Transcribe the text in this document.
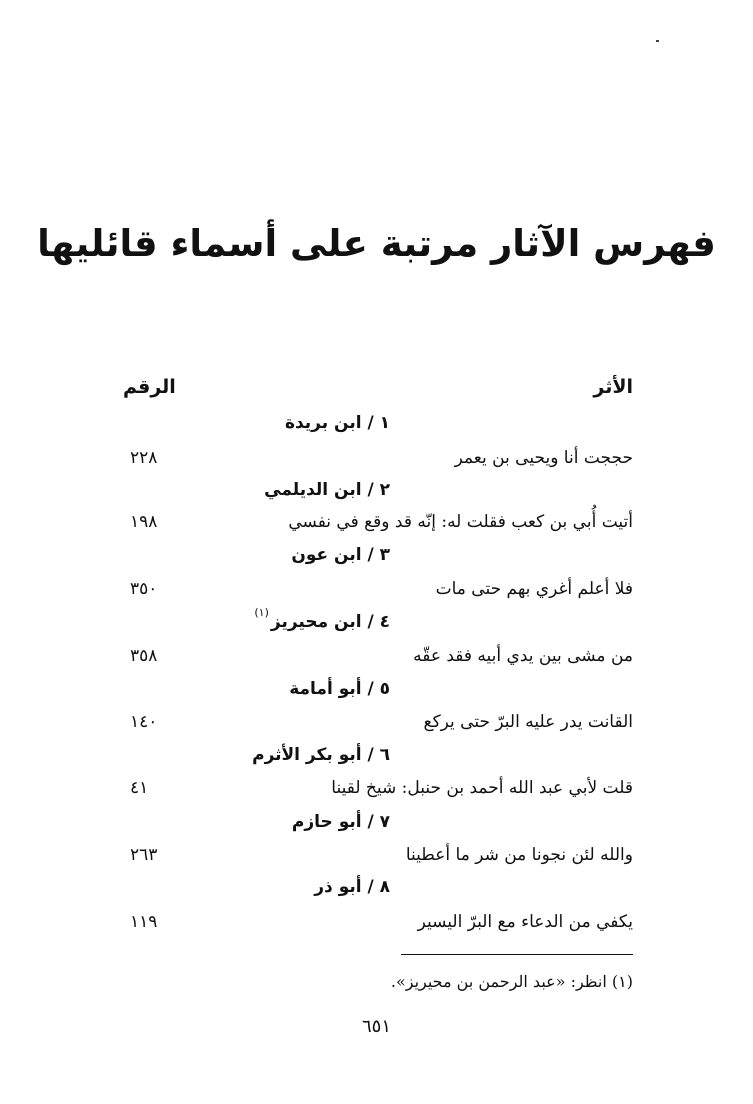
فهرس الآثار مرتبة على أسماء قائليها
الأثر
الرقم
١ / ابن بريدة
حججت أنا ويحيى بن يعمر
٢٢٨
٢ / ابن الديلمي
أتيت أُبي بن كعب فقلت له: إنّه قد وقع في نفسي
١٩٨
٣ / ابن عون
فلا أعلم أغري بهم حتى مات
٣٥٠
٤ / ابن محيريز$^{(١)}$
من مشى بين يدي أبيه فقد عقّه
٣٥٨
٥ / أبو أمامة
القانت يدر عليه البرّ حتى يركع
١٤٠
٦ / أبو بكر الأثرم
قلت لأبي عبد الله أحمد بن حنبل: شيخ لقينا
٤١
٧ / أبو حازم
والله لئن نجونا من شر ما أعطينا
٢٦٣
٨ / أبو ذر
يكفي من الدعاء مع البرّ اليسير
١١٩
(١) انظر: «عبد الرحمن بن محيريز».
٦٥١
